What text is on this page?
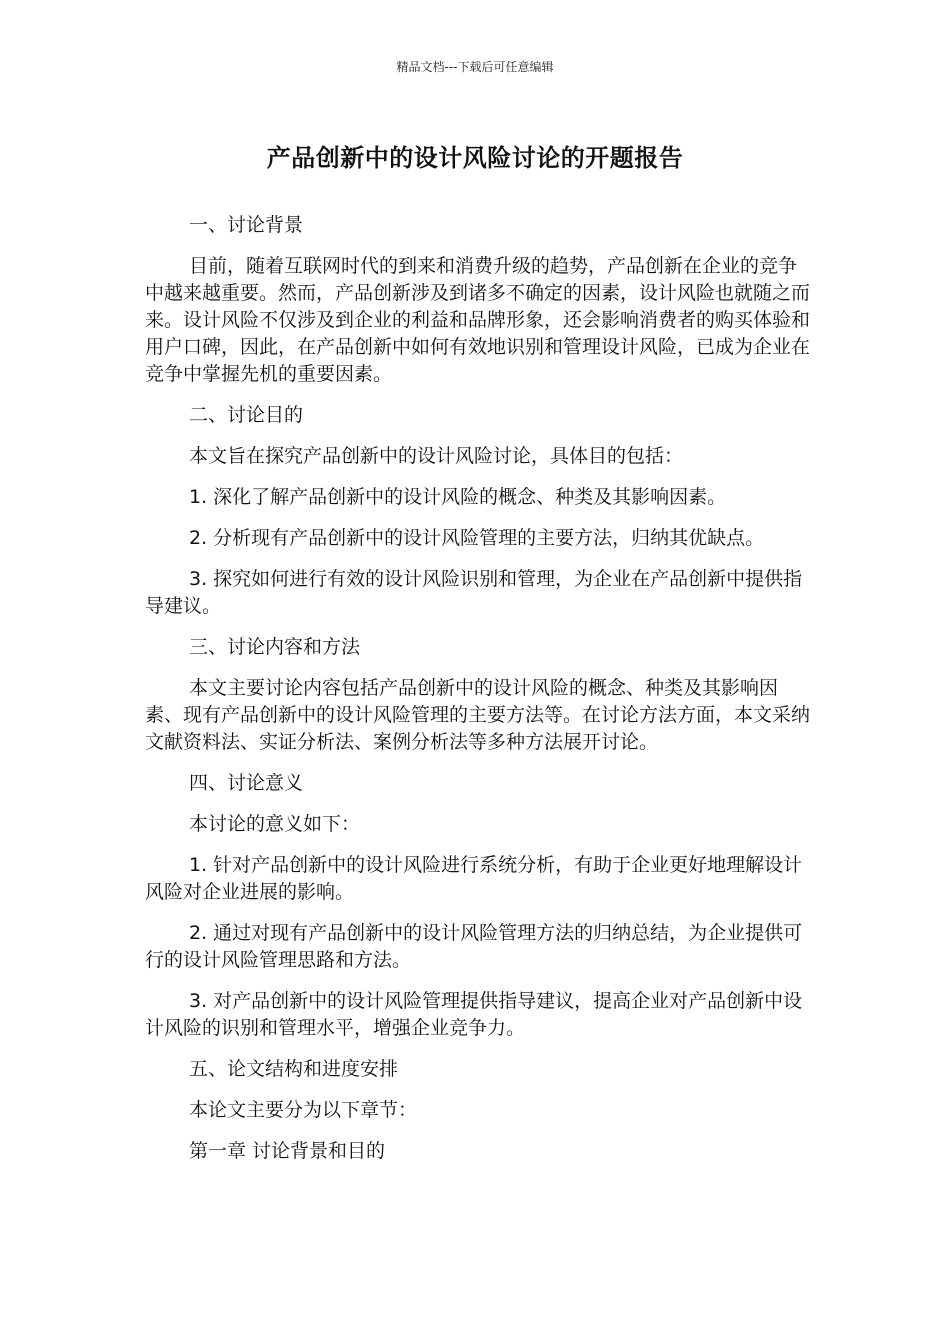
精品文档---下载后可任意编辑
产品创新中的设计风险讨论的开题报告

一、讨论背景

目前，随着互联网时代的到来和消费升级的趋势，产品创新在企业的竞争中越来越重要。然而，产品创新涉及到诸多不确定的因素，设计风险也就随之而来。设计风险不仅涉及到企业的利益和品牌形象，还会影响消费者的购买体验和用户口碑，因此，在产品创新中如何有效地识别和管理设计风险，已成为企业在竞争中掌握先机的重要因素。

二、讨论目的

本文旨在探究产品创新中的设计风险讨论，具体目的包括：

1. 深化了解产品创新中的设计风险的概念、种类及其影响因素。

2. 分析现有产品创新中的设计风险管理的主要方法，归纳其优缺点。

3. 探究如何进行有效的设计风险识别和管理，为企业在产品创新中提供指导建议。

三、讨论内容和方法

本文主要讨论内容包括产品创新中的设计风险的概念、种类及其影响因素、现有产品创新中的设计风险管理的主要方法等。在讨论方法方面，本文采纳文献资料法、实证分析法、案例分析法等多种方法展开讨论。

四、讨论意义

本讨论的意义如下：

1. 针对产品创新中的设计风险进行系统分析，有助于企业更好地理解设计风险对企业进展的影响。

2. 通过对现有产品创新中的设计风险管理方法的归纳总结，为企业提供可行的设计风险管理思路和方法。

3. 对产品创新中的设计风险管理提供指导建议，提高企业对产品创新中设计风险的识别和管理水平，增强企业竞争力。

五、论文结构和进度安排

本论文主要分为以下章节：

第一章 讨论背景和目的
